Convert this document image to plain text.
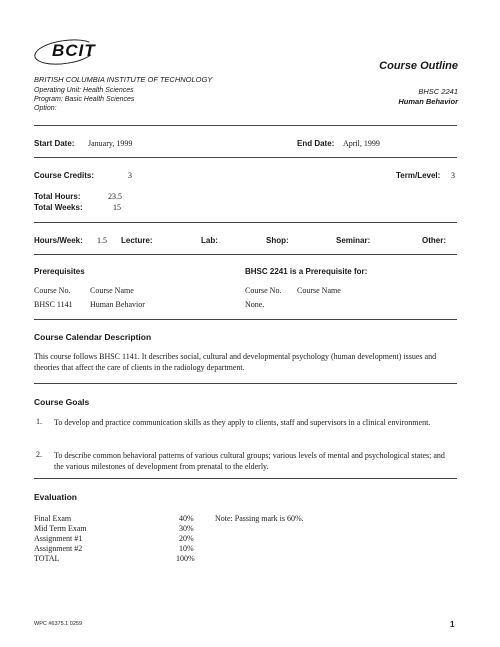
BCIT
BRITISH COLUMBIA INSTITUTE OF TECHNOLOGY
Operating Unit: Health Sciences
Program: Basic Health Sciences
Option:
Course Outline
BHSC 2241
Human Behavior
Start Date: January, 1999	End Date: April, 1999
Course Credits:	3	Term/Level: 3
Total Hours:	23.5
Total Weeks:	15
Hours/Week: 1.5 Lecture:	Lab:	Shop:	Seminar:	Other:
Prerequisites
Course No. Course Name
BHSC 1141 Human Behavior
BHSC 2241 is a Prerequisite for:
Course No. Course Name
None.
Course Calendar Description
This course follows BHSC 1141. It describes social, cultural and developmental psychology (human development) issues and theories that affect the care of clients in the radiology department.
Course Goals
1. To develop and practice communication skills as they apply to clients, staff and supervisors in a clinical environment.
2. To describe common behavioral patterns of various cultural groups; various levels of mental and psychological states; and the various milestones of development from prenatal to the elderly.
Evaluation
Final Exam	40%
Mid Term Exam	30%
Assignment #1	20%
Assignment #2	10%
TOTAL	100%
Note: Passing mark is 60%.
WPC #6375.1 0259	1
